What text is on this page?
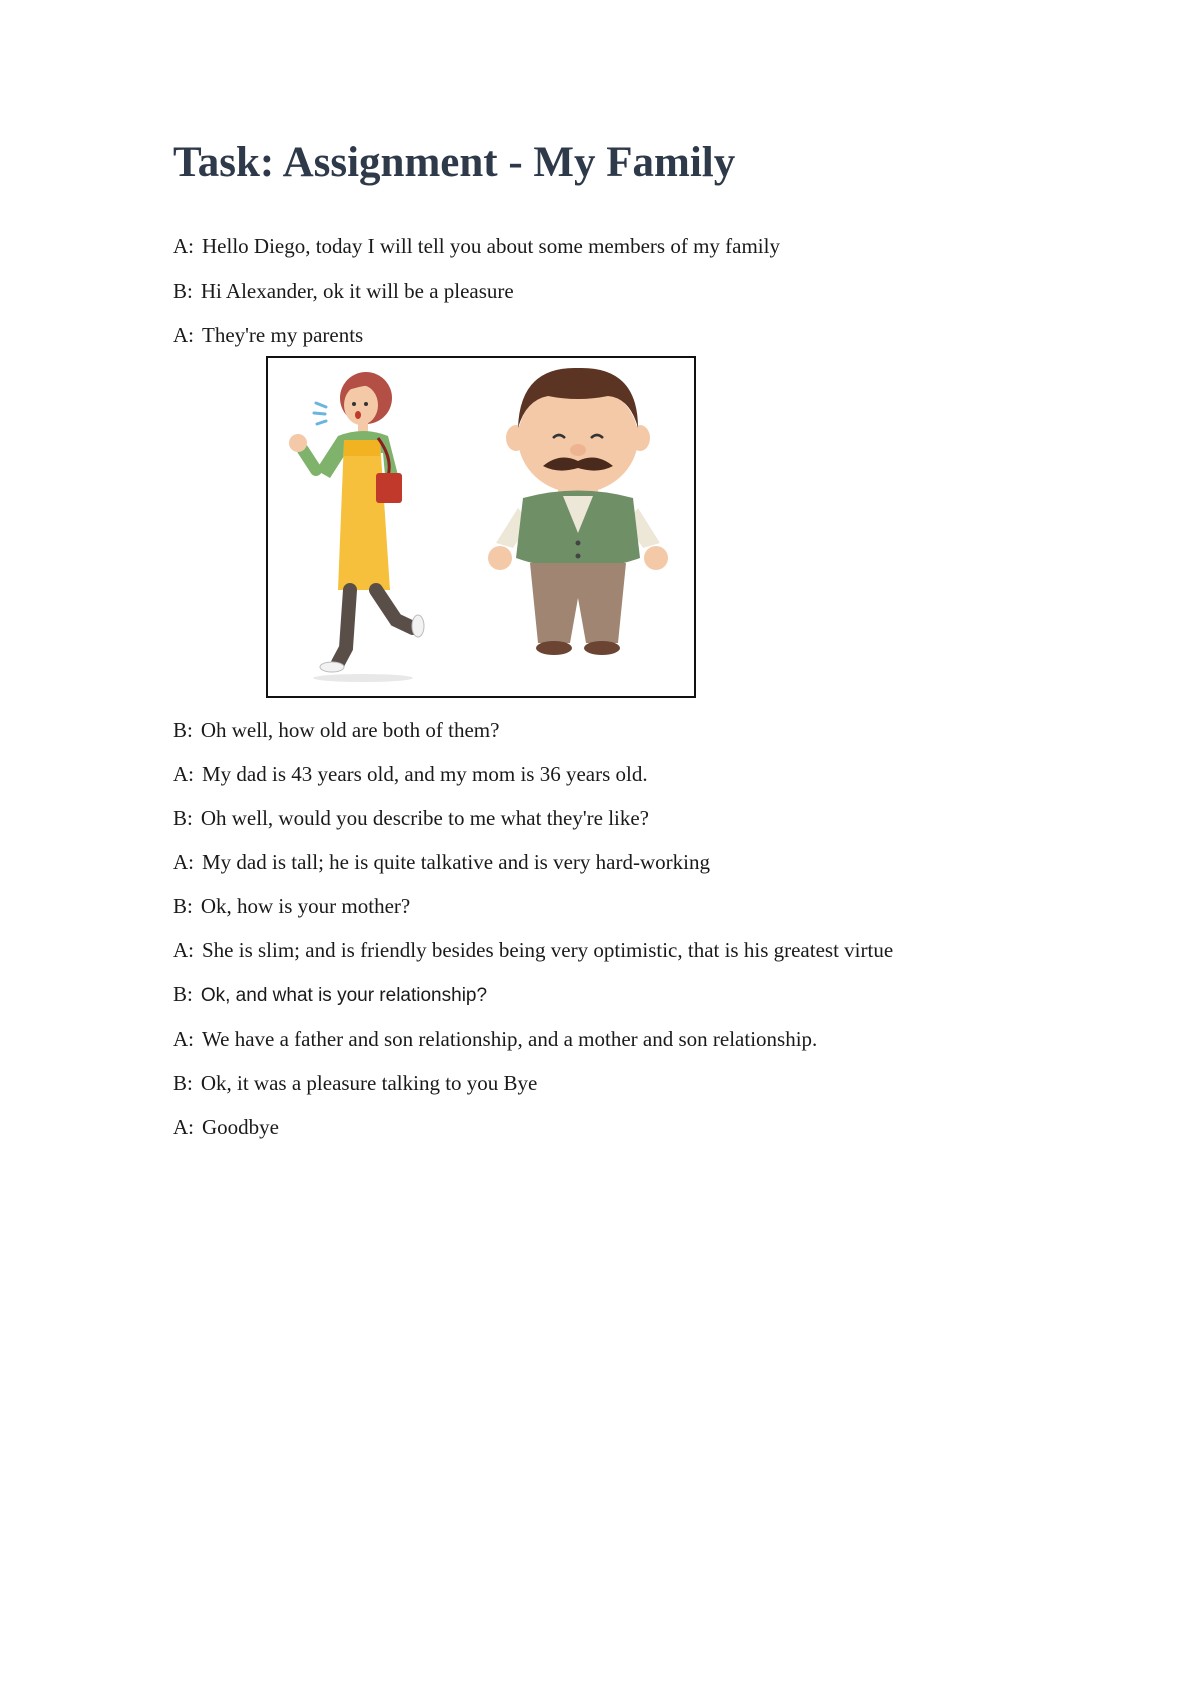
Task: Assignment - My Family

A: Hello Diego, today I will tell you about some members of my family

B: Hi Alexander, ok it will be a pleasure

A: They're my parents

B: Oh well, how old are both of them?

A: My dad is 43 years old, and my mom is 36 years old.

B: Oh well, would you describe to me what they're like?

A: My dad is tall; he is quite talkative and is very hard-working

B: Ok, how is your mother?

A: She is slim; and is friendly besides being very optimistic, that is his greatest virtue

B: Ok, and what is your relationship?

A: We have a father and son relationship, and a mother and son relationship.

B: Ok, it was a pleasure talking to you Bye

A: Goodbye
